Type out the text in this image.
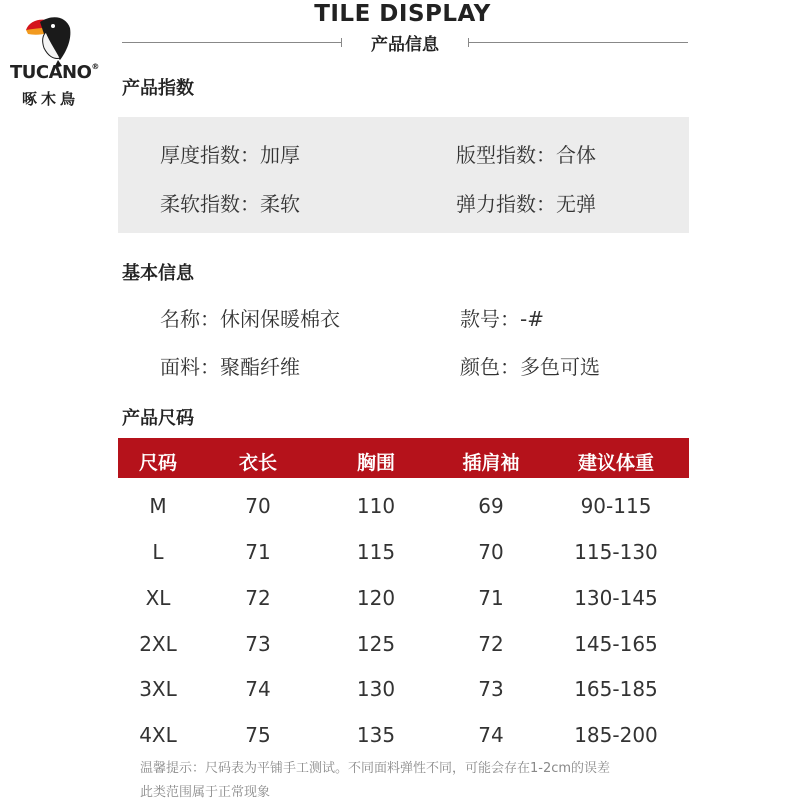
TUCANO®
啄木鳥
TILE DISPLAY
产品信息
产品指数
厚度指数：加厚	版型指数：合体
柔软指数：柔软	弹力指数：无弹
基本信息
名称：休闲保暖棉衣	款号：-#
面料：聚酯纤维	颜色：多色可选
产品尺码
尺码	衣长	胸围	插肩袖	建议体重
M	70	110	69	90-115
L	71	115	70	115-130
XL	72	120	71	130-145
2XL	73	125	72	145-165
3XL	74	130	73	165-185
4XL	75	135	74	185-200
温馨提示：尺码表为平铺手工测试。不同面料弹性不同，可能会存在1-2cm的误差
此类范围属于正常现象
